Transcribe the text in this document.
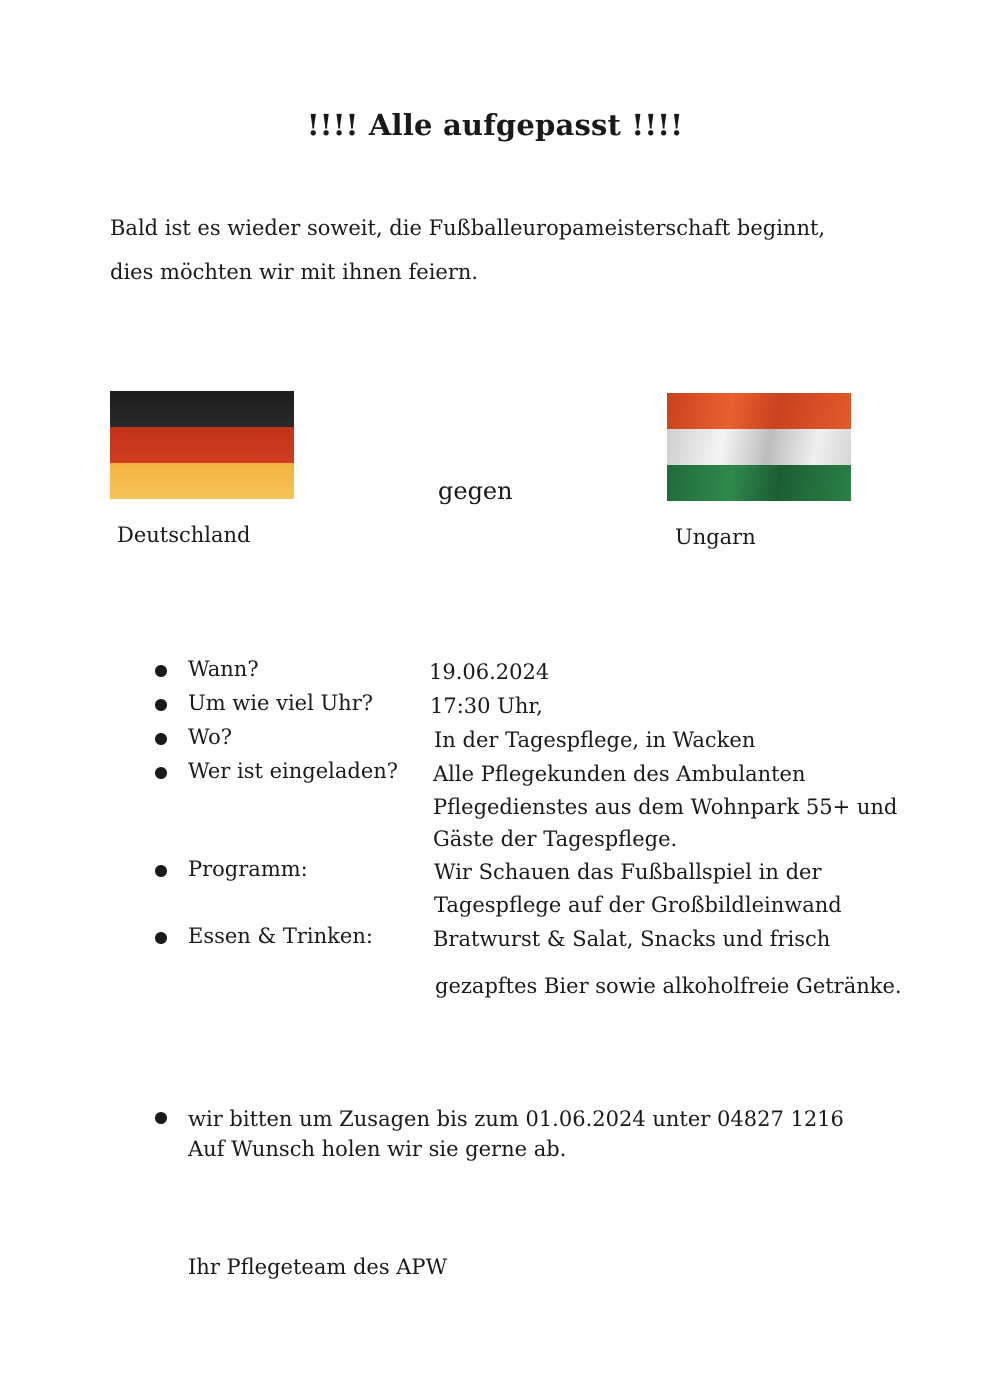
!!!! Alle aufgepasst !!!!
Bald ist es wieder soweit, die Fußballeuropameisterschaft beginnt,
dies möchten wir mit ihnen feiern.
Deutschland
gegen
Ungarn
Wann?	19.06.2024
Um wie viel Uhr?	17:30 Uhr,
Wo?	In der Tagespflege, in Wacken
Wer ist eingeladen? Alle Pflegekunden des Ambulanten
Pflegedienstes aus dem Wohnpark 55+ und
Gäste der Tagespflege.
Programm:	Wir Schauen das Fußballspiel in der
Tagespflege auf der Großbildleinwand
Essen & Trinken:	Bratwurst & Salat, Snacks und frisch
gezapftes Bier sowie alkoholfreie Getränke.
wir bitten um Zusagen bis zum 01.06.2024 unter 04827 1216
Auf Wunsch holen wir sie gerne ab.
Ihr Pflegeteam des APW
